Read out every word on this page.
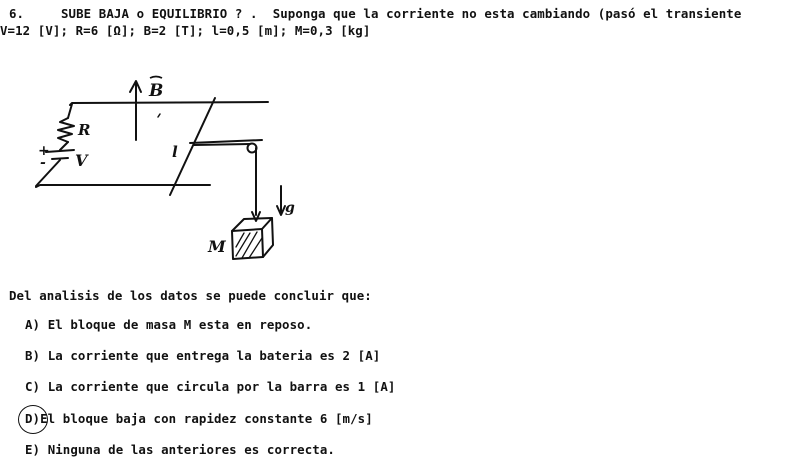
6.	SUBE BAJA o EQUILIBRIO ? . Suponga que la corriente no esta cambiando (pasó el transiente
V=12 [V]; R=6 [Ω]; B=2 [T]; l=0,5 [m]; M=0,3 [kg]
B
R
+
- V	l
g
M
Del analisis de los datos se puede concluir que:
A) El bloque de masa M esta en reposo.
B) La corriente que entrega la bateria es 2 [A]
C) La corriente que circula por la barra es 1 [A]
D)El bloque baja con rapidez constante 6 [m/s]
E) Ninguna de las anteriores es correcta.
